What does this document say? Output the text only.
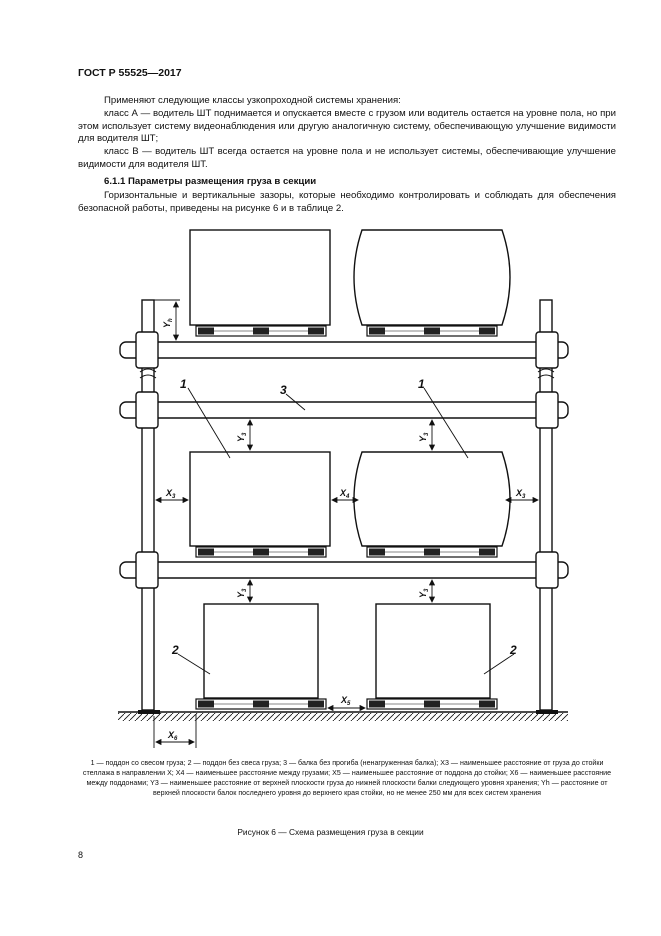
ГОСТ Р 55525—2017
Применяют следующие классы узкопроходной системы хранения:
класс А — водитель ШТ поднимается и опускается вместе с грузом или водитель остается на уровне пола, но при этом использует систему видеонаблюдения или другую аналогичную систему, обеспечивающую улучшение видимости для водителя ШТ;
класс В — водитель ШТ всегда остается на уровне пола и не использует системы, обеспечивающие улучшение видимости для водителя ШТ.
6.1.1 Параметры размещения груза в секции
Горизонтальные и вертикальные зазоры, которые необходимо контролировать и соблюдать для обеспечения безопасной работы, приведены на рисунке 6 и в таблице 2.
1	1
3
2	2
$Y_h$
$Y_3$
$Y_3$
$Y_3$
$Y_3$
$X_3$	$X_4$	$X_3$
$X_5$
$X_6$
1 — поддон со свесом груза; 2 — поддон без свеса груза; 3 — балка без прогиба (ненагруженная балка); X3 — наименьшее расстояние от груза до стойки стеллажа в направлении X; X4 — наименьшее расстояние между грузами; X5 — наименьшее расстояние от поддона до стойки; X6 — наименьшее расстояние между поддонами; Y3 — наименьшее расстояние от верхней плоскости груза до нижней плоскости балки следующего уровня хранения; Yh — расстояние от верхней плоскости балок последнего уровня до верхнего края стойки, но не менее 250 мм для всех систем хранения
Рисунок 6 — Схема размещения груза в секции
8
